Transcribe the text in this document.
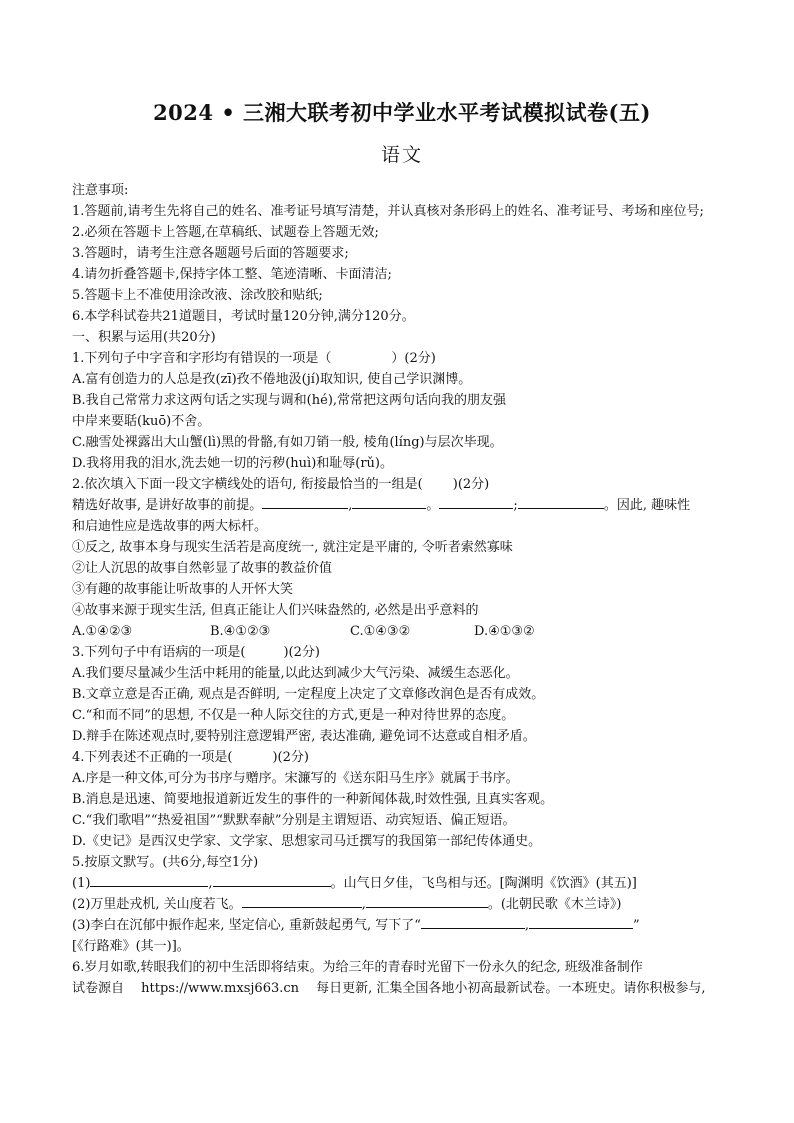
2024 • 三湘大联考初中学业水平考试模拟试卷(五)
语文
注意事项:
1.答题前,请考生先将自己的姓名、准考证号填写清楚，并认真核对条形码上的姓名、准考证号、考场和座位号;
2.必须在答题卡上答题,在草稿纸、试题卷上答题无效;
3.答题时，请考生注意各题题号后面的答题要求;
4.请勿折叠答题卡,保持字体工整、笔迹清晰、卡面清洁;
5.答题卡上不准使用涂改液、涂改胶和贴纸;
6.本学科试卷共21道题目，考试时量120分钟,满分120分。
一、积累与运用(共20分)
1.下列句子中字音和字形均有错误的一项是（	）(2分)
A.富有创造力的人总是孜(zī)孜不倦地汲(jí)取知识, 使自己学识渊博。
B.我自己常常力求这两句话之实现与调和(hé),常常把这两句话向我的朋友强
中岸来要聒(kuō)不舍。
C.融雪处裸露出大山蟹(lì)黑的骨骼,有如刀销一般, 棱角(líng)与层次毕现。
D.我将用我的泪水,洗去她一切的污秽(huì)和耻辱(rǔ)。
2.依次填入下面一段文字横线处的语句, 衔接最恰当的一组是( )(2分)
精选好故事, 是讲好故事的前提。	,	。	;	。因此, 趣味性
和启迪性应是选故事的两大标杆。
①反之, 故事本身与现实生活若是高度统一, 就注定是平庸的, 令听者索然寡味
②让人沉思的故事自然彰显了故事的教益价值
③有趣的故事能让听故事的人开怀大笑
④故事来源于现实生活, 但真正能让人们兴味盎然的, 必然是出乎意料的
A.①④②③	B.④①②③	C.①④③②	D.④①③②
3.下列句子中有语病的一项是(	)(2分)
A.我们要尽量减少生活中耗用的能量,以此达到减少大气污染、减缓生态恶化。
B.文章立意是否正确, 观点是否鲜明, 一定程度上决定了文章修改润色是否有成效。
C.“和而不同”的思想, 不仅是一种人际交往的方式,更是一种对待世界的态度。
D.辩手在陈述观点时,要特别注意逻辑严密, 表达准确, 避免词不达意或自相矛盾。
4.下列表述不正确的一项是(	)(2分)
A.序是一种文体,可分为书序与赠序。宋濂写的《送东阳马生序》就属于书序。
B.消息是迅速、简要地报道新近发生的事件的一种新闻体裁,时效性强, 且真实客观。
C.“我们歌唱”“热爱祖国”“默默奉献”分别是主谓短语、动宾短语、偏正短语。
D.《史记》是西汉史学家、文学家、思想家司马迁撰写的我国第一部纪传体通史。
5.按原文默写。(共6分,每空1分)
(1)	,	。山气日夕佳，飞鸟相与还。[陶渊明《饮酒》(其五)]
(2)万里赴戎机, 关山度若飞。	,	。(北朝民歌《木兰诗》)
(3)李白在沉郁中振作起来, 坚定信心, 重新鼓起勇气, 写下了“	,	”
[《行路难》(其一)]。
6.岁月如歌,转眼我们的初中生活即将结束。为给三年的青春时光留下一份永久的纪念, 班级准备制作
试卷源自　 https://www.mxsj663.cn　 每日更新, 汇集全国各地小初高最新试卷。一本班史。请你积极参与,
